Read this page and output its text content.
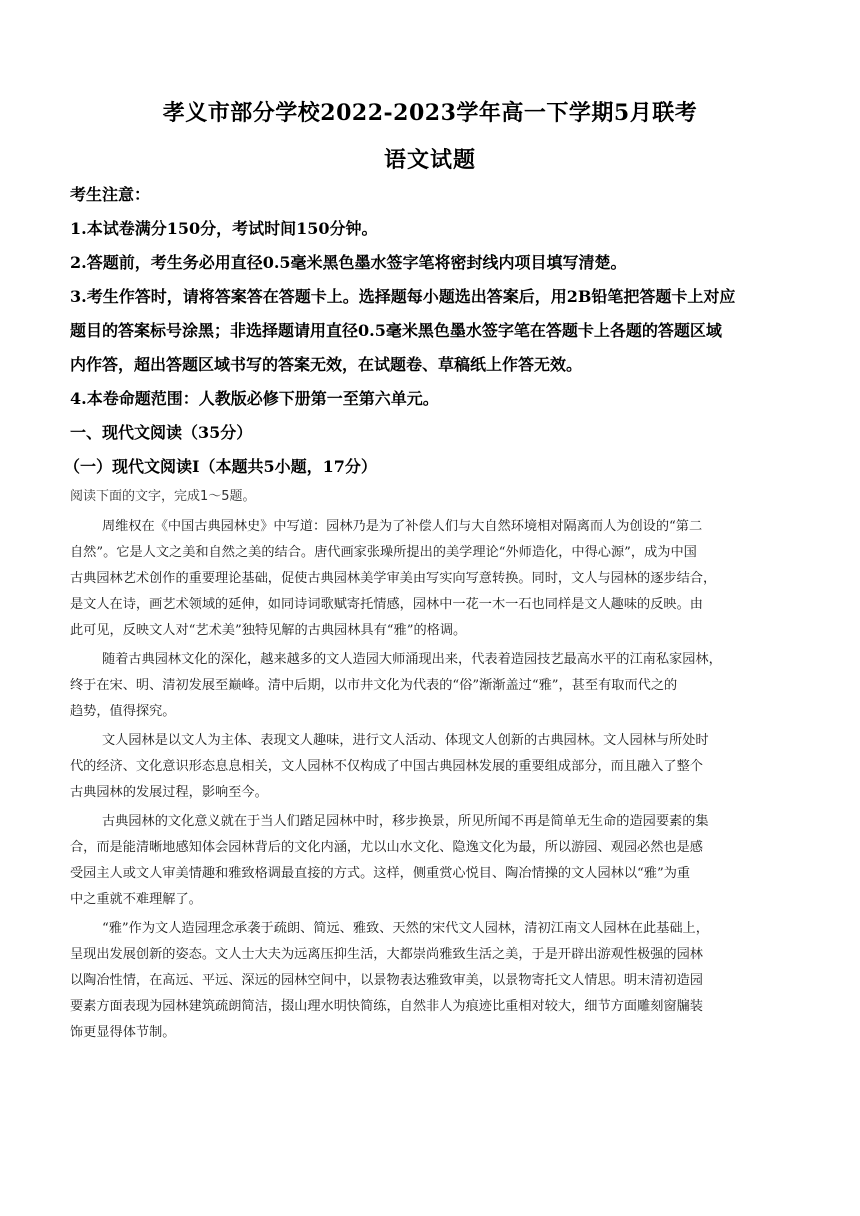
孝义市部分学校2022-2023学年高一下学期5月联考
语文试题
考生注意：
1.本试卷满分150分，考试时间150分钟。
2.答题前，考生务必用直径0.5毫米黑色墨水签字笔将密封线内项目填写清楚。
3.考生作答时，请将答案答在答题卡上。选择题每小题选出答案后，用2B铅笔把答题卡上对应
题目的答案标号涂黑；非选择题请用直径0.5毫米黑色墨水签字笔在答题卡上各题的答题区域
内作答，超出答题区域书写的答案无效，在试题卷、草稿纸上作答无效。
4.本卷命题范围：人教版必修下册第一至第六单元。
一、现代文阅读（35分）
（一）现代文阅读Ⅰ（本题共5小题，17分）
阅读下面的文字，完成1～5题。
周维权在《中国古典园林史》中写道：园林乃是为了补偿人们与大自然环境相对隔离而人为创设的“第二
自然”。它是人文之美和自然之美的结合。唐代画家张璪所提出的美学理论“外师造化，中得心源”，成为中国
古典园林艺术创作的重要理论基础，促使古典园林美学审美由写实向写意转换。同时，文人与园林的逐步结合，
是文人在诗，画艺术领域的延伸，如同诗词歌赋寄托情感，园林中一花一木一石也同样是文人趣味的反映。由
此可见，反映文人对“艺术美”独特见解的古典园林具有“雅”的格调。
随着古典园林文化的深化，越来越多的文人造园大师涌现出来，代表着造园技艺最高水平的江南私家园林，
终于在宋、明、清初发展至巅峰。清中后期，以市井文化为代表的“俗”渐渐盖过“雅”，甚至有取而代之的
趋势，值得探究。
文人园林是以文人为主体、表现文人趣味，进行文人活动、体现文人创新的古典园林。文人园林与所处时
代的经济、文化意识形态息息相关，文人园林不仅构成了中国古典园林发展的重要组成部分，而且融入了整个
古典园林的发展过程，影响至今。
古典园林的文化意义就在于当人们踏足园林中时，移步换景，所见所闻不再是简单无生命的造园要素的集
合，而是能清晰地感知体会园林背后的文化内涵，尤以山水文化、隐逸文化为最，所以游园、观园必然也是感
受园主人或文人审美情趣和雅致格调最直接的方式。这样，侧重赏心悦目、陶冶情操的文人园林以“雅”为重
中之重就不难理解了。
“雅”作为文人造园理念承袭于疏朗、简远、雅致、天然的宋代文人园林，清初江南文人园林在此基础上，
呈现出发展创新的姿态。文人士大夫为远离压抑生活，大都崇尚雅致生活之美，于是开辟出游观性极强的园林
以陶冶性情，在高远、平远、深远的园林空间中，以景物表达雅致审美，以景物寄托文人情思。明末清初造园
要素方面表现为园林建筑疏朗简洁，掇山理水明快简练，自然非人为痕迹比重相对较大，细节方面雕刻窗牖装
饰更显得体节制。
